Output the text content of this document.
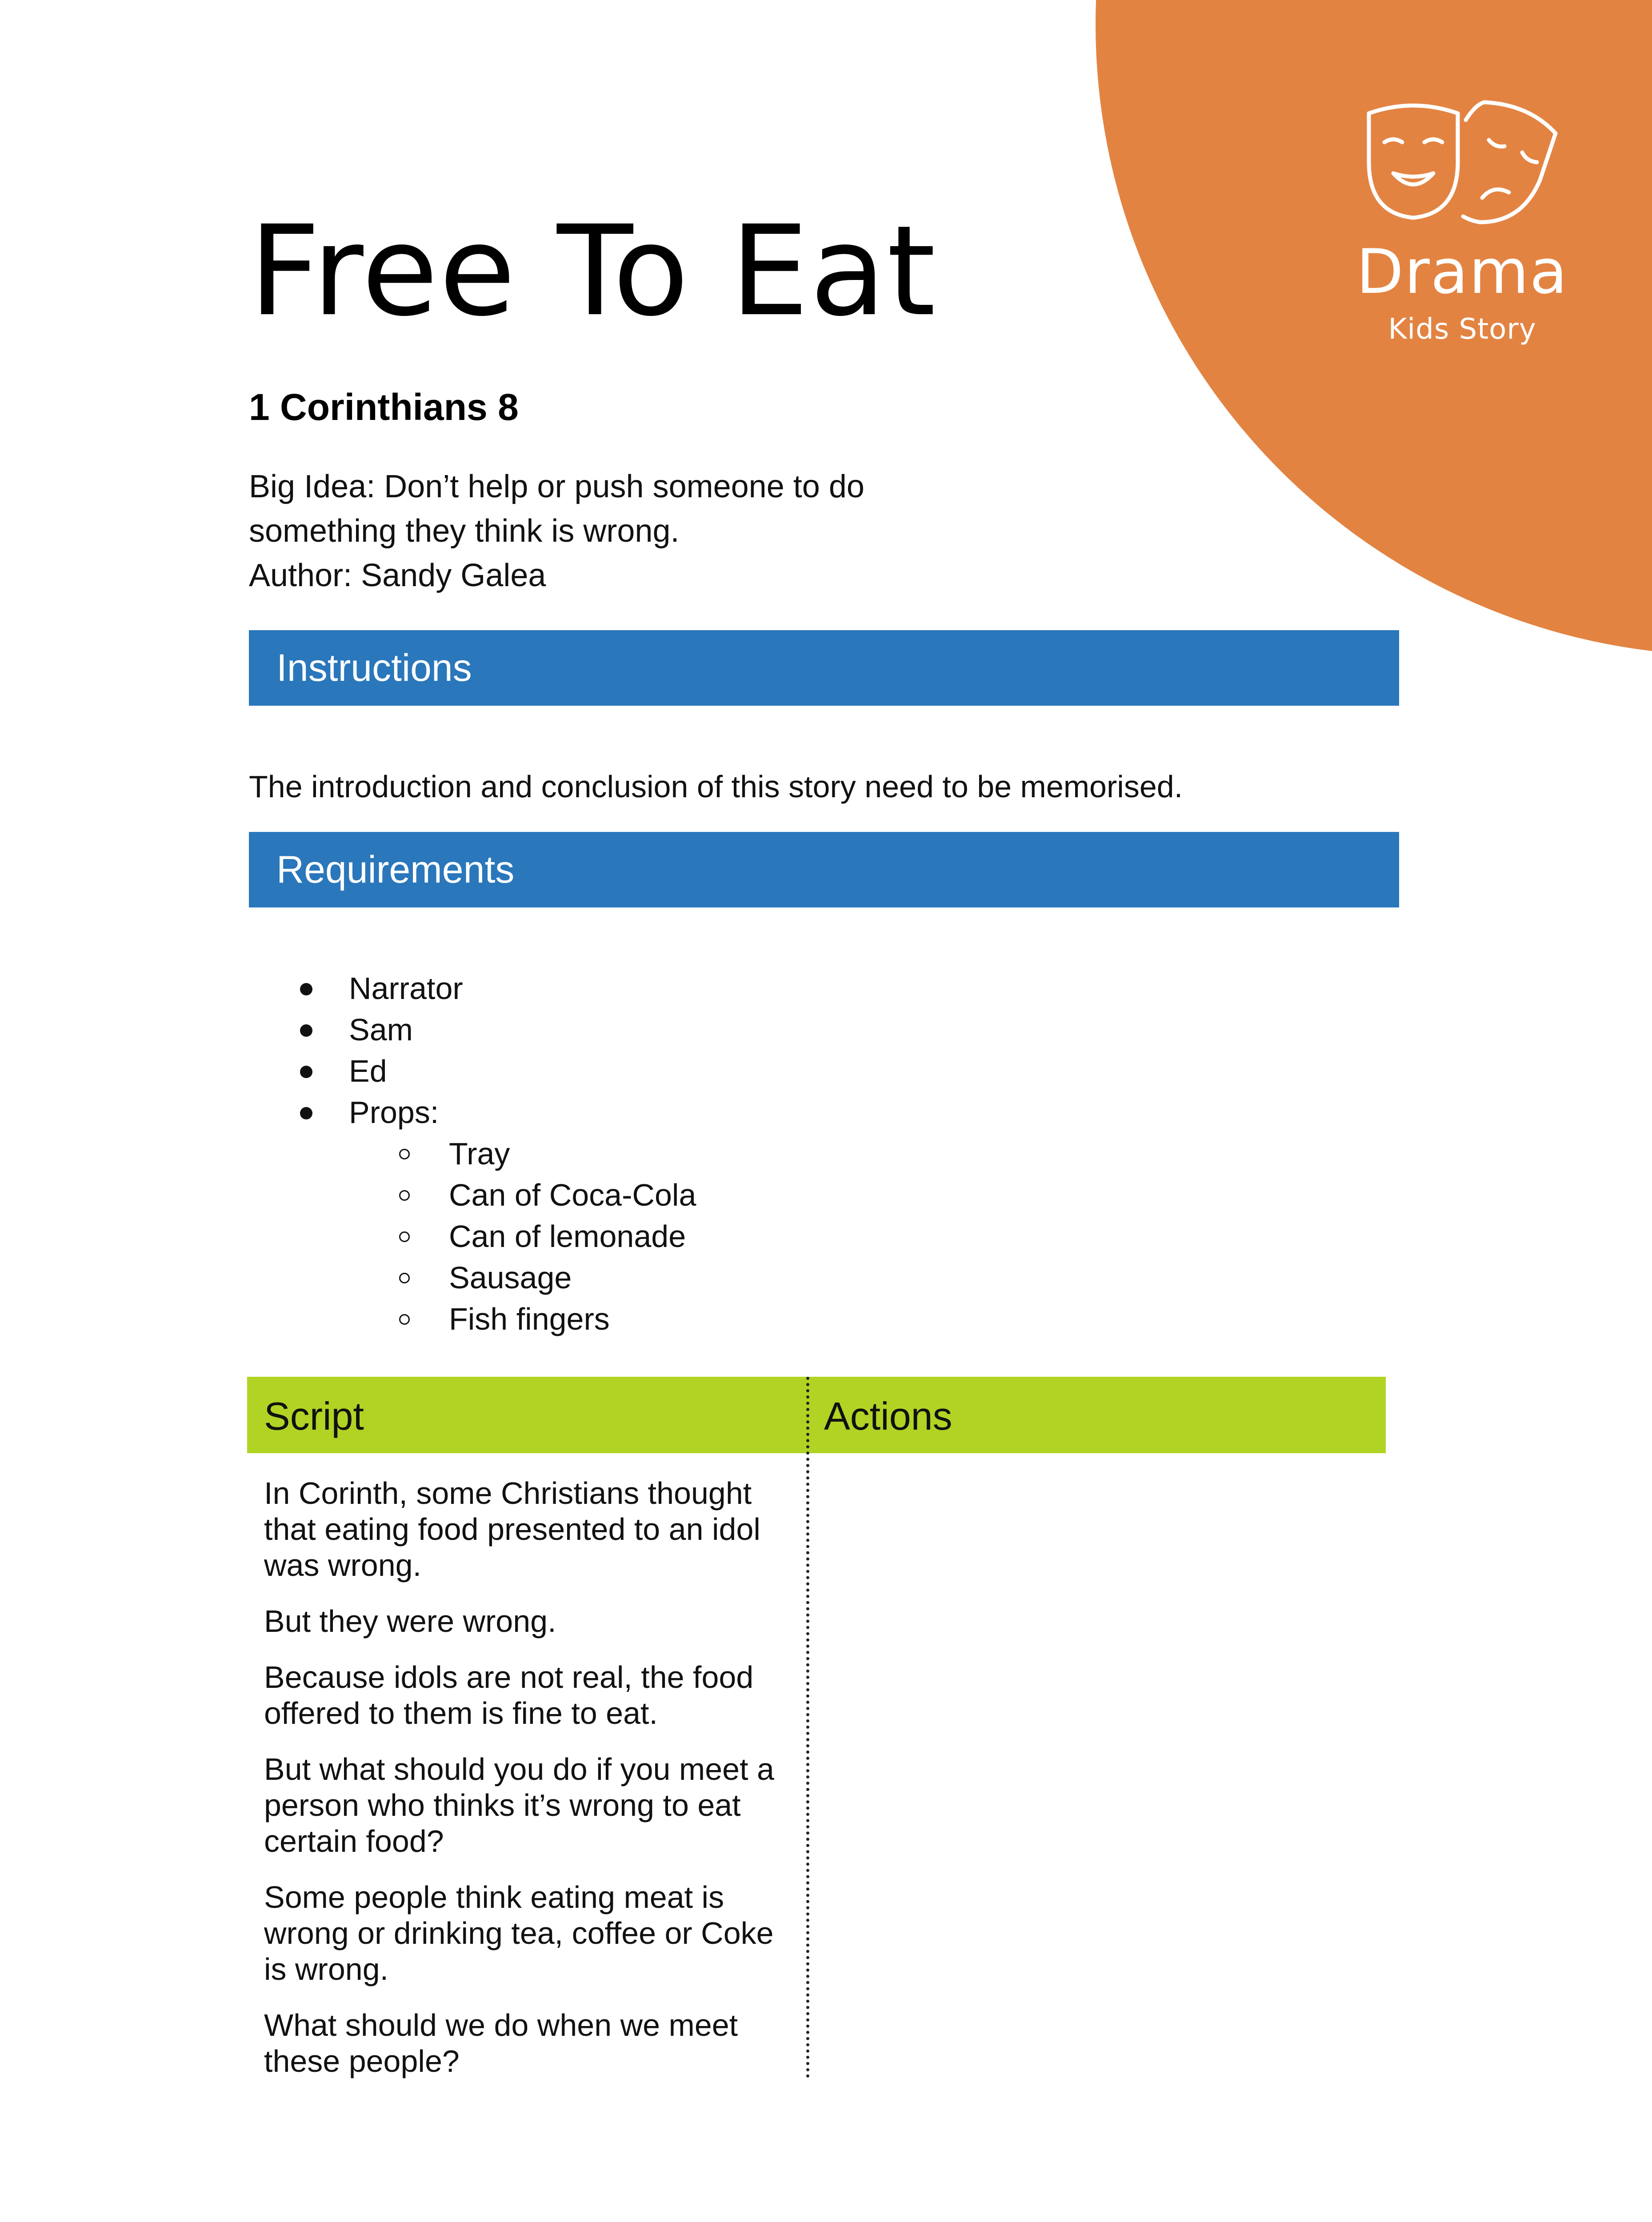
Drama
Kids Story
Free To Eat
1 Corinthians 8
Big Idea: Don’t help or push someone to do
something they think is wrong.
Author: Sandy Galea
Instructions
The introduction and conclusion of this story need to be memorised.
Requirements
Narrator
Sam
Ed
Props:
Tray
Can of Coca-Cola
Can of lemonade
Sausage
Fish fingers
Script	Actions

In Corinth, some Christians thought that eating food presented to an idol was wrong.

But they were wrong.

Because idols are not real, the food offered to them is fine to eat.

But what should you do if you meet a person who thinks it’s wrong to eat certain food?

Some people think eating meat is wrong or drinking tea, coffee or Coke is wrong.

What should we do when we meet these people?
